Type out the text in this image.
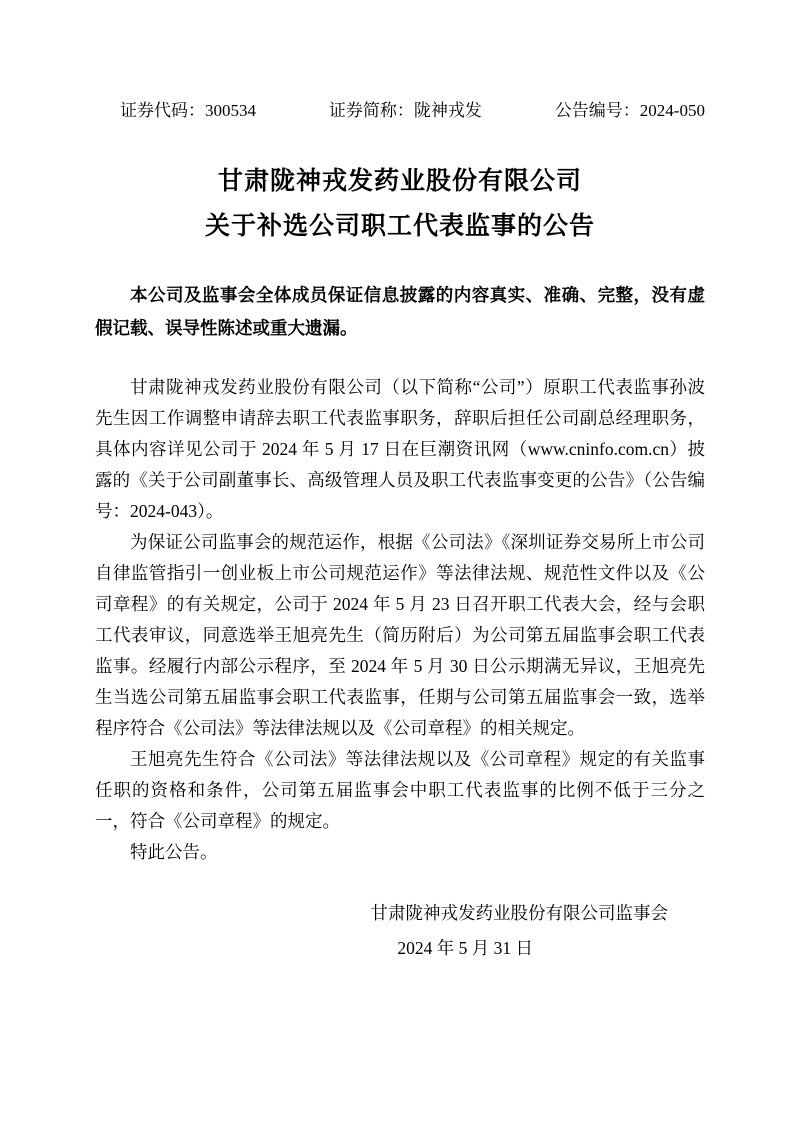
证券代码：300534	证券简称：陇神戎发	公告编号：2024-050
甘肃陇神戎发药业股份有限公司
关于补选公司职工代表监事的公告

本公司及监事会全体成员保证信息披露的内容真实、准确、完整，没有虚假记载、误导性陈述或重大遗漏。

甘肃陇神戎发药业股份有限公司（以下简称“公司”）原职工代表监事孙波先生因工作调整申请辞去职工代表监事职务，辞职后担任公司副总经理职务，具体内容详见公司于 2024 年 5 月 17 日在巨潮资讯网（www.cninfo.com.cn）披露的《关于公司副董事长、高级管理人员及职工代表监事变更的公告》（公告编号：2024-043）。

为保证公司监事会的规范运作，根据《公司法》《深圳证券交易所上市公司自律监管指引一创业板上市公司规范运作》等法律法规、规范性文件以及《公司章程》的有关规定，公司于 2024 年 5 月 23 日召开职工代表大会，经与会职工代表审议，同意选举王旭亮先生（简历附后）为公司第五届监事会职工代表监事。经履行内部公示程序，至 2024 年 5 月 30 日公示期满无异议，王旭亮先生当选公司第五届监事会职工代表监事，任期与公司第五届监事会一致，选举程序符合《公司法》等法律法规以及《公司章程》的相关规定。

王旭亮先生符合《公司法》等法律法规以及《公司章程》规定的有关监事任职的资格和条件，公司第五届监事会中职工代表监事的比例不低于三分之一，符合《公司章程》的规定。

特此公告。

甘肃陇神戎发药业股份有限公司监事会
2024 年 5 月 31 日
